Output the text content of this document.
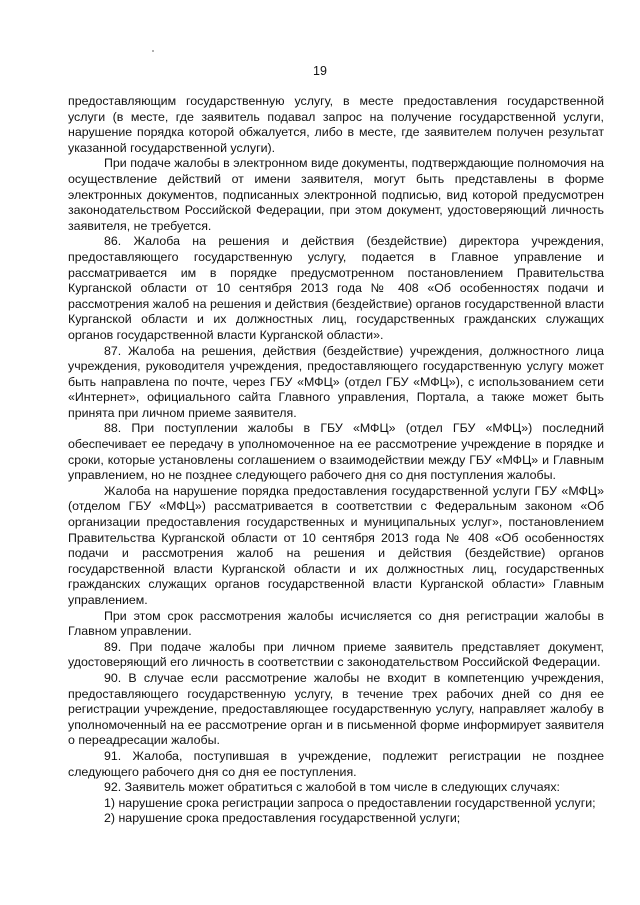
19

предоставляющим государственную услугу, в месте предоставления государственной услуги (в месте, где заявитель подавал запрос на получение государственной услуги, нарушение порядка которой обжалуется, либо в месте, где заявителем получен результат указанной государственной услуги).

При подаче жалобы в электронном виде документы, подтверждающие полномочия на осуществление действий от имени заявителя, могут быть представлены в форме электронных документов, подписанных электронной подписью, вид которой предусмотрен законодательством Российской Федерации, при этом документ, удостоверяющий личность заявителя, не требуется.

86. Жалоба на решения и действия (бездействие) директора учреждения, предоставляющего государственную услугу, подается в Главное управление и рассматривается им в порядке предусмотренном постановлением Правительства Курганской области от 10 сентября 2013 года № 408 «Об особенностях подачи и рассмотрения жалоб на решения и действия (бездействие) органов государственной власти Курганской области и их должностных лиц, государственных гражданских служащих органов государственной власти Курганской области».

87. Жалоба на решения, действия (бездействие) учреждения, должностного лица учреждения, руководителя учреждения, предоставляющего государственную услугу может быть направлена по почте, через ГБУ «МФЦ» (отдел ГБУ «МФЦ»), с использованием сети «Интернет», официального сайта Главного управления, Портала, а также может быть принята при личном приеме заявителя.

88. При поступлении жалобы в ГБУ «МФЦ» (отдел ГБУ «МФЦ») последний обеспечивает ее передачу в уполномоченное на ее рассмотрение учреждение в порядке и сроки, которые установлены соглашением о взаимодействии между ГБУ «МФЦ» и Главным управлением, но не позднее следующего рабочего дня со дня поступления жалобы.

Жалоба на нарушение порядка предоставления государственной услуги ГБУ «МФЦ» (отделом ГБУ «МФЦ») рассматривается в соответствии с Федеральным законом «Об организации предоставления государственных и муниципальных услуг», постановлением Правительства Курганской области от 10 сентября 2013 года № 408 «Об особенностях подачи и рассмотрения жалоб на решения и действия (бездействие) органов государственной власти Курганской области и их должностных лиц, государственных гражданских служащих органов государственной власти Курганской области» Главным управлением.

При этом срок рассмотрения жалобы исчисляется со дня регистрации жалобы в Главном управлении.

89. При подаче жалобы при личном приеме заявитель представляет документ, удостоверяющий его личность в соответствии с законодательством Российской Федерации.

90. В случае если рассмотрение жалобы не входит в компетенцию учреждения, предоставляющего государственную услугу, в течение трех рабочих дней со дня ее регистрации учреждение, предоставляющее государственную услугу, направляет жалобу в уполномоченный на ее рассмотрение орган и в письменной форме информирует заявителя о переадресации жалобы.

91. Жалоба, поступившая в учреждение, подлежит регистрации не позднее следующего рабочего дня со дня ее поступления.

92. Заявитель может обратиться с жалобой в том числе в следующих случаях:

1) нарушение срока регистрации запроса о предоставлении государственной услуги;

2) нарушение срока предоставления государственной услуги;
